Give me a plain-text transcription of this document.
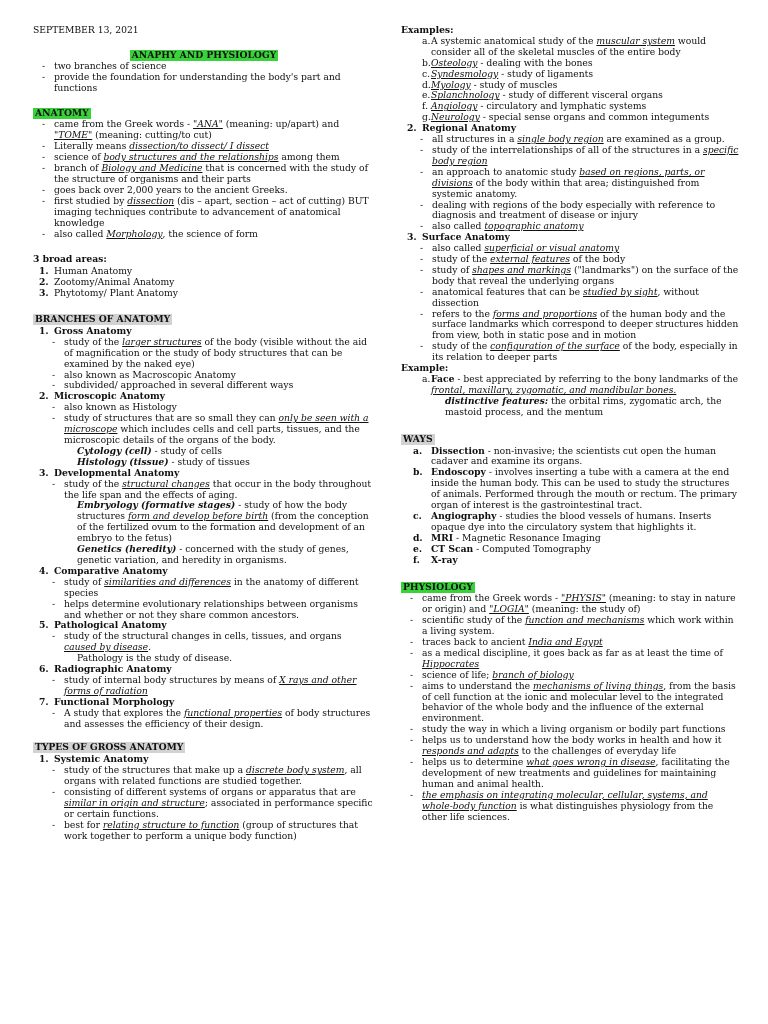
SEPTEMBER 13, 2021
ANAPHY AND PHYSIOLOGY
- two branches of science
- provide the foundation for understanding the body's part and functions
ANATOMY
- came from the Greek words - "ANA" (meaning: up/apart) and "TOME" (meaning: cutting/to cut)
- Literally means dissection/to dissect/ I dissect
- science of body structures and the relationships among them
- branch of Biology and Medicine that is concerned with the study of the structure of organisms and their parts
- goes back over 2,000 years to the ancient Greeks.
- first studied by dissection (dis – apart, section – act of cutting) BUT imaging techniques contribute to advancement of anatomical knowledge
- also called Morphology, the science of form
3 broad areas:
1. Human Anatomy
2. Zootomy/Animal Anatomy
3. Phytotomy/ Plant Anatomy
BRANCHES OF ANATOMY
1. Gross Anatomy
- study of the larger structures of the body (visible without the aid of magnification or the study of body structures that can be examined by the naked eye)
- also known as Macroscopic Anatomy
- subdivided/ approached in several different ways
2. Microscopic Anatomy
- also known as Histology
- study of structures that are so small they can only be seen with a microscope which includes cells and cell parts, tissues, and the microscopic details of the organs of the body.
Cytology (cell) - study of cells
Histology (tissue) - study of tissues
3. Developmental Anatomy
- study of the structural changes that occur in the body throughout the life span and the effects of aging.
Embryology (formative stages) - study of how the body structures form and develop before birth (from the conception of the fertilized ovum to the formation and development of an embryo to the fetus)
Genetics (heredity) - concerned with the study of genes, genetic variation, and heredity in organisms.
4. Comparative Anatomy
- study of similarities and differences in the anatomy of different species
- helps determine evolutionary relationships between organisms and whether or not they share common ancestors.
5. Pathological Anatomy
- study of the structural changes in cells, tissues, and organs caused by disease.
Pathology is the study of disease.
6. Radiographic Anatomy
- study of internal body structures by means of X rays and other forms of radiation
7. Functional Morphology
- A study that explores the functional properties of body structures and assesses the efficiency of their design.
TYPES OF GROSS ANATOMY
1. Systemic Anatomy
- study of the structures that make up a discrete body system, all organs with related functions are studied together.
- consisting of different systems of organs or apparatus that are similar in origin and structure; associated in performance specific or certain functions.
- best for relating structure to function (group of structures that work together to perform a unique body function)
Examples:
a. A systemic anatomical study of the muscular system would consider all of the skeletal muscles of the entire body
b. Osteology - dealing with the bones
c. Syndesmology - study of ligaments
d. Myology - study of muscles
e. Splanchnology - study of different visceral organs
f. Angiology - circulatory and lymphatic systems
g. Neurology - special sense organs and common integuments
2. Regional Anatomy
- all structures in a single body region are examined as a group.
- study of the interrelationships of all of the structures in a specific body region
- an approach to anatomic study based on regions, parts, or divisions of the body within that area; distinguished from systemic anatomy.
- dealing with regions of the body especially with reference to diagnosis and treatment of disease or injury
- also called topographic anatomy
3. Surface Anatomy
- also called superficial or visual anatomy
- study of the external features of the body
- study of shapes and markings ("landmarks") on the surface of the body that reveal the underlying organs
- anatomical features that can be studied by sight, without dissection
- refers to the forms and proportions of the human body and the surface landmarks which correspond to deeper structures hidden from view, both in static pose and in motion
- study of the configuration of the surface of the body, especially in its relation to deeper parts
Example:
a. Face - best appreciated by referring to the bony landmarks of the frontal, maxillary, zygomatic, and mandibular bones.
distinctive features: the orbital rims, zygomatic arch, the mastoid process, and the mentum
WAYS
a. Dissection - non-invasive; the scientists cut open the human cadaver and examine its organs.
b. Endoscopy - involves inserting a tube with a camera at the end inside the human body. This can be used to study the structures of animals. Performed through the mouth or rectum. The primary organ of interest is the gastrointestinal tract.
c. Angiography - studies the blood vessels of humans. Inserts opaque dye into the circulatory system that highlights it.
d. MRI - Magnetic Resonance Imaging
e. CT Scan - Computed Tomography
f. X-ray
PHYSIOLOGY
- came from the Greek words - "PHYSIS" (meaning: to stay in nature or origin) and "LOGIA" (meaning: the study of)
- scientific study of the function and mechanisms which work within a living system.
- traces back to ancient India and Egypt
- as a medical discipline, it goes back as far as at least the time of Hippocrates
- science of life; branch of biology
- aims to understand the mechanisms of living things, from the basis of cell function at the ionic and molecular level to the integrated behavior of the whole body and the influence of the external environment.
- study the way in which a living organism or bodily part functions
- helps us to understand how the body works in health and how it responds and adapts to the challenges of everyday life
- helps us to determine what goes wrong in disease, facilitating the development of new treatments and guidelines for maintaining human and animal health.
- the emphasis on integrating molecular, cellular, systems, and whole-body function is what distinguishes physiology from the other life sciences.
